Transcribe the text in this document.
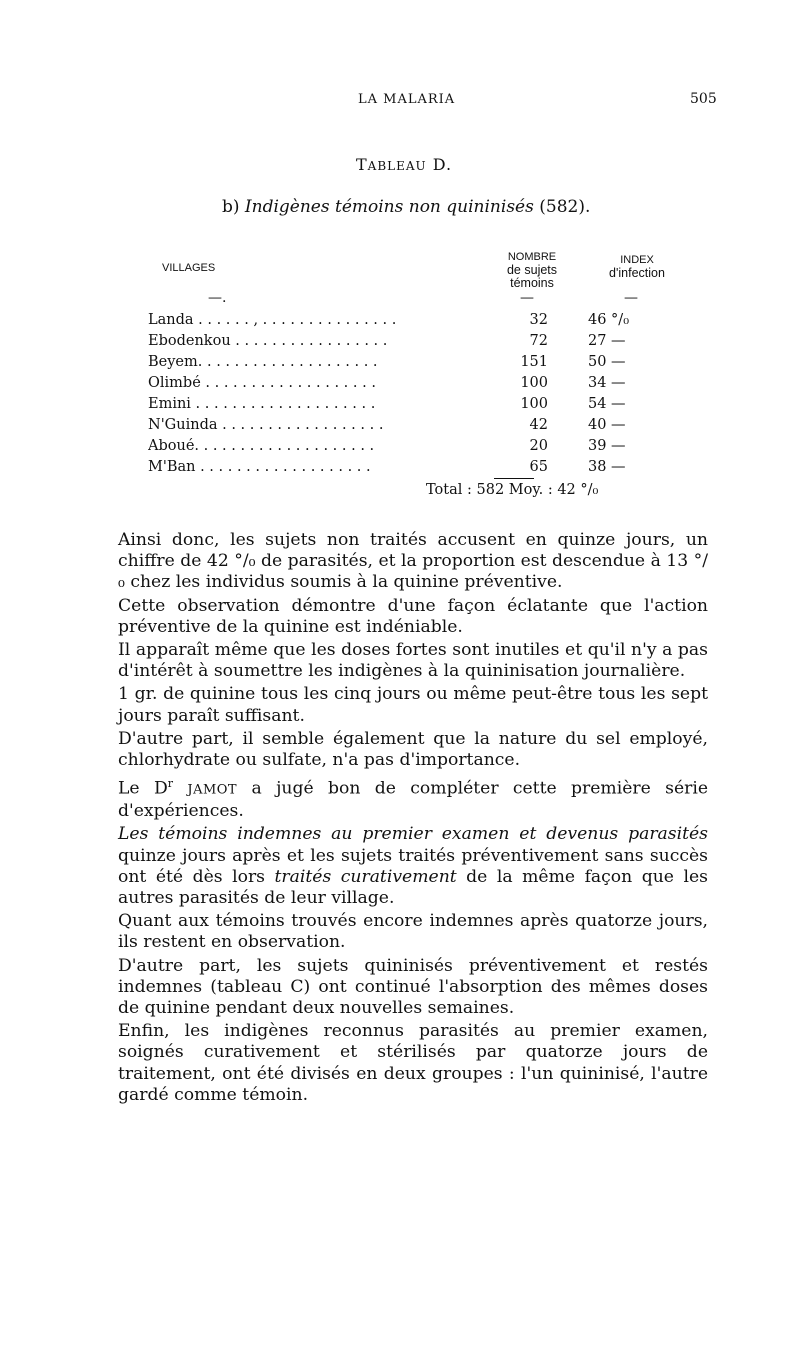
LA MALARIA	505
TABLEAU D.
b) Indigènes témoins non quininisés (582).
VILLAGES
NOMBRE
de sujets
témoins
INDEX
d'infection
—.	—	—
Landa . . . . . . , . . . . . . . . . . . . . . .	32	46 °/₀
Ebodenkou . . . . . . . . . . . . . . . . .	72	27 —
Beyem. . . . . . . . . . . . . . . . . . . .	151	50 —
Olimbé . . . . . . . . . . . . . . . . . . .	100	34 —
Emini . . . . . . . . . . . . . . . . . . . .	100	54 —
N'Guinda . . . . . . . . . . . . . . . . . .	42	40 —
Aboué. . . . . . . . . . . . . . . . . . . .	20	39 —
M'Ban . . . . . . . . . . . . . . . . . . .	65	38 —
Total : 582 Moy. : 42 °/₀

Ainsi donc, les sujets non traités accusent en quinze jours, un chiffre de 42 °/₀ de parasités, et la proportion est descendue à 13 °/₀ chez les individus soumis à la quinine préventive.

Cette observation démontre d'une façon éclatante que l'action préventive de la quinine est indéniable.

Il apparaît même que les doses fortes sont inutiles et qu'il n'y a pas d'intérêt à soumettre les indigènes à la quininisation journalière.

1 gr. de quinine tous les cinq jours ou même peut-être tous les sept jours paraît suffisant.

D'autre part, il semble également que la nature du sel employé, chlorhydrate ou sulfate, n'a pas d'importance.

Le $D^r$ JAMOT a jugé bon de compléter cette première série d'expériences.

Les témoins indemnes au premier examen et devenus parasités quinze jours après et les sujets traités préventivement sans succès ont été dès lors traités curativement de la même façon que les autres parasités de leur village.

Quant aux témoins trouvés encore indemnes après quatorze jours, ils restent en observation.

D'autre part, les sujets quininisés préventivement et restés indemnes (tableau C) ont continué l'absorption des mêmes doses de quinine pendant deux nouvelles semaines.

Enfin, les indigènes reconnus parasités au premier examen, soignés curativement et stérilisés par quatorze jours de traitement, ont été divisés en deux groupes : l'un quininisé, l'autre gardé comme témoin.
